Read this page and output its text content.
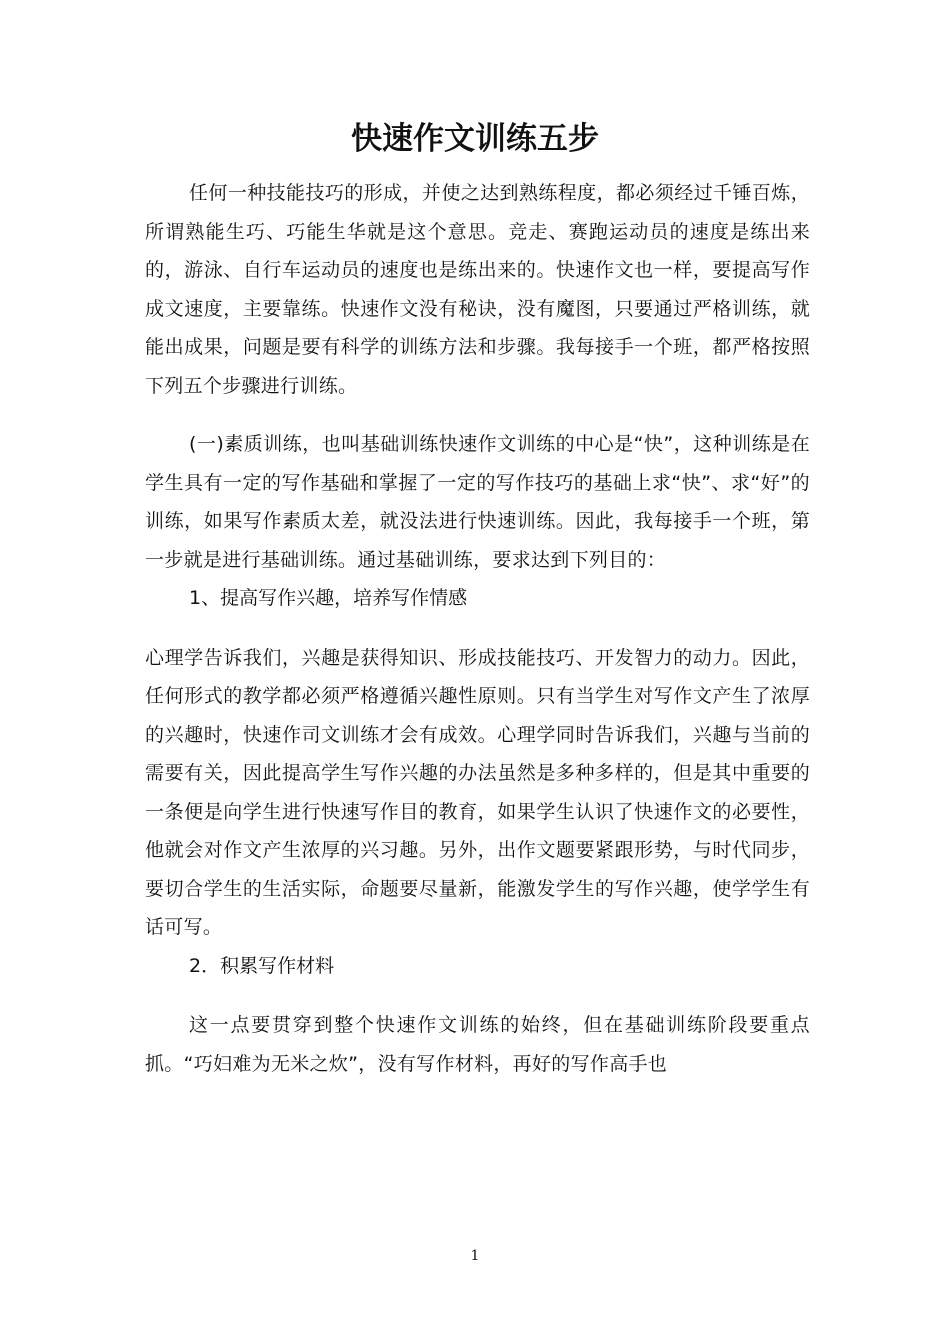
快速作文训练五步

任何一种技能技巧的形成，并使之达到熟练程度，都必须经过千锤百炼，所谓熟能生巧、巧能生华就是这个意思。竞走、赛跑运动员的速度是练出来的，游泳、自行车运动员的速度也是练出来的。快速作文也一样，要提高写作成文速度，主要靠练。快速作文没有秘诀，没有魔图，只要通过严格训练，就能出成果，问题是要有科学的训练方法和步骤。我每接手一个班，都严格按照下列五个步骤进行训练。

(一)素质训练，也叫基础训练快速作文训练的中心是“快”，这种训练是在学生具有一定的写作基础和掌握了一定的写作技巧的基础上求“快”、求“好”的训练，如果写作素质太差，就没法进行快速训练。因此，我每接手一个班，第一步就是进行基础训练。通过基础训练，要求达到下列目的：

1、提高写作兴趣，培养写作情感

心理学告诉我们，兴趣是获得知识、形成技能技巧、开发智力的动力。因此，任何形式的教学都必须严格遵循兴趣性原则。只有当学生对写作文产生了浓厚的兴趣时，快速作司文训练才会有成效。心理学同时告诉我们，兴趣与当前的需要有关，因此提高学生写作兴趣的办法虽然是多种多样的，但是其中重要的一条便是向学生进行快速写作目的教育，如果学生认识了快速作文的必要性，他就会对作文产生浓厚的兴习趣。另外，出作文题要紧跟形势，与时代同步，要切合学生的生活实际，命题要尽量新，能激发学生的写作兴趣，使学学生有话可写。

2．积累写作材料

这一点要贯穿到整个快速作文训练的始终，但在基础训练阶段要重点抓。“巧妇难为无米之炊”，没有写作材料，再好的写作高手也

1
